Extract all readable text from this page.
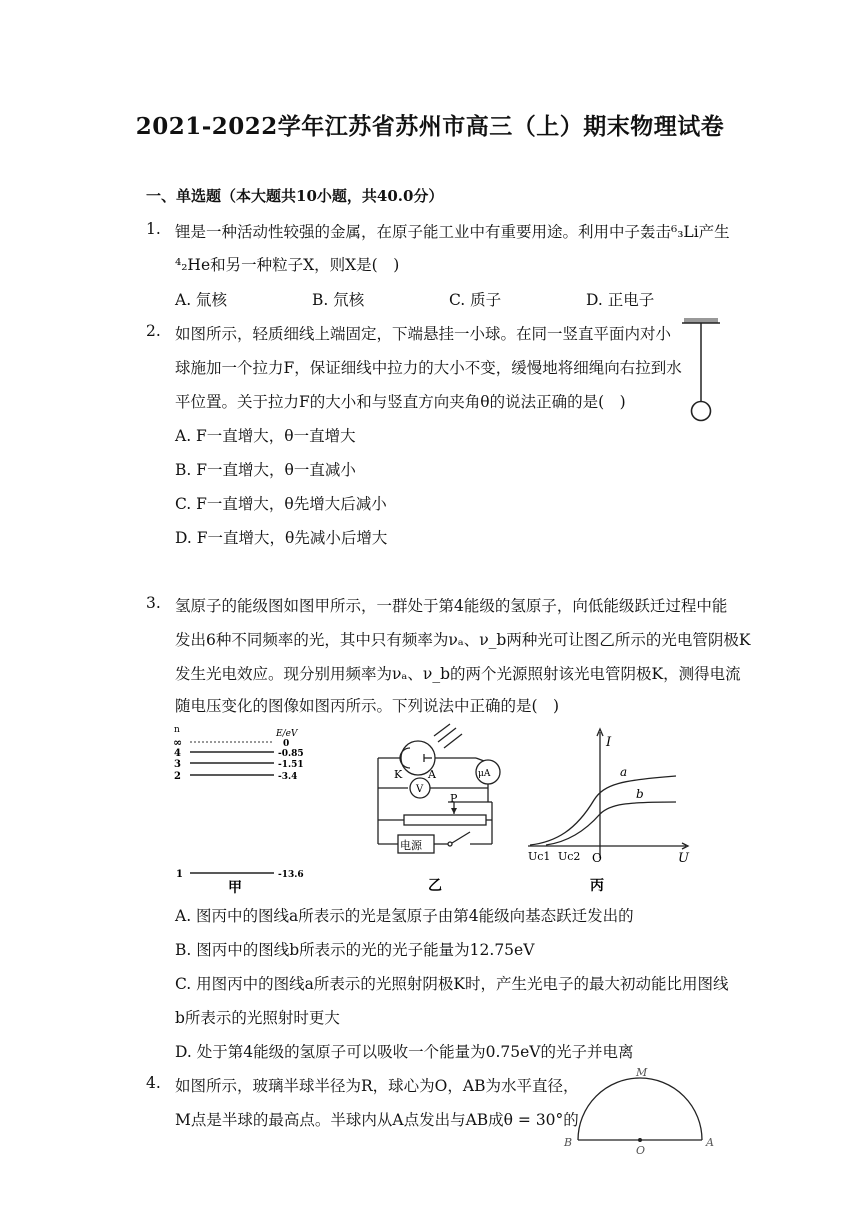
2021-2022学年江苏省苏州市高三（上）期末物理试卷
一、单选题（本大题共10小题，共40.0分）
1. 锂是一种活动性较强的金属，在原子能工业中有重要用途。利用中子轰击⁶₃Li产生
⁴₂He和另一种粒子X，则X是(　)
A. 氚核	B. 氘核	C. 质子	D. 正电子
2. 如图所示，轻质细线上端固定，下端悬挂一小球。在同一竖直平面内对小
球施加一个拉力F，保证细线中拉力的大小不变，缓慢地将细绳向右拉到水
平位置。关于拉力F的大小和与竖直方向夹角θ的说法正确的是(　)
A. F一直增大，θ一直增大
B. F一直增大，θ一直减小
C. F一直增大，θ先增大后减小
D. F一直增大，θ先减小后增大
3. 氢原子的能级图如图甲所示，一群处于第4能级的氢原子，向低能级跃迁过程中能
发出6种不同频率的光，其中只有频率为νₐ、ν_b两种光可让图乙所示的光电管阴极K
发生光电效应。现分别用频率为νₐ、ν_b的两个光源照射该光电管阴极K，测得电流
随电压变化的图像如图丙所示。下列说法中正确的是(　)
n	E/eV
∞	0
4	-0.85
3	-1.51
2	-3.4
1	-13.6
甲
K A	μA
V
P
电源
乙
I
U
O
Uc1 Uc2
a
b
丙
A. 图丙中的图线a所表示的光是氢原子由第4能级向基态跃迁发出的
B. 图丙中的图线b所表示的光的光子能量为12.75eV
C. 用图丙中的图线a所表示的光照射阴极K时，产生光电子的最大初动能比用图线
b所表示的光照射时更大
D. 处于第4能级的氢原子可以吸收一个能量为0.75eV的光子并电离
4. 如图所示，玻璃半球半径为R，球心为O，AB为水平直径，
M点是半球的最高点。半球内从A点发出与AB成θ = 30°的
M
B
O
A
